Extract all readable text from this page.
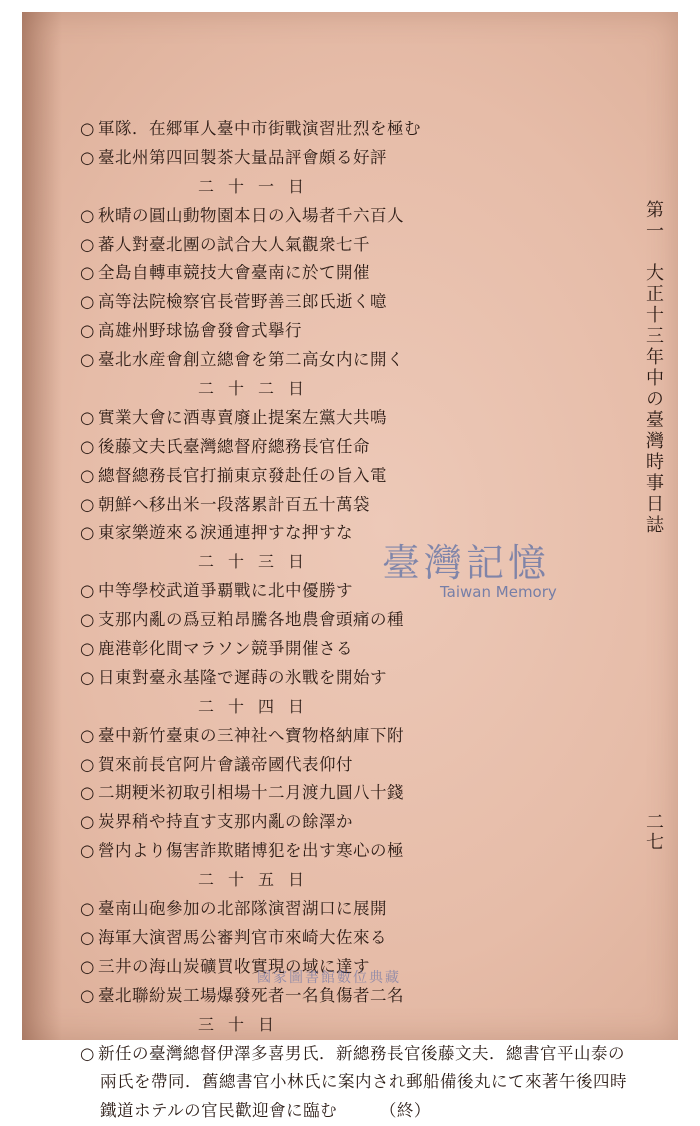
○ 軍隊．在郷軍人臺中市街戰演習壯烈を極む
○ 臺北州第四回製茶大量品評會頗る好評
二十一日
○ 秋晴の圓山動物園本日の入場者千六百人
○ 蕃人對臺北團の試合大人氣觀衆七千
○ 全島自轉車競技大會臺南に於て開催
○ 高等法院檢察官長菅野善三郎氏逝く噫
○ 高雄州野球協會發會式擧行
○ 臺北水産會創立總會を第二高女内に開く
二十二日
○ 實業大會に酒專賣廢止提案左黨大共鳴
○ 後藤文夫氏臺灣總督府總務長官任命
○ 總督總務長官打揃東京發赴任の旨入電
○ 朝鮮へ移出米一段落累計百五十萬袋
○ 東家樂遊來る淚通連押すな押すな
二十三日
○ 中等學校武道爭覇戰に北中優勝す
○ 支那内亂の爲豆粕昂騰各地農會頭痛の種
○ 鹿港彰化間マラソン競爭開催さる
○ 日東對臺永基隆で遲蒔の氷戰を開始す
二十四日
○ 臺中新竹臺東の三神社へ寶物格納庫下附
○ 賀來前長官阿片會議帝國代表仰付
○ 二期粳米初取引相場十二月渡九圓八十錢
○ 炭界稍や持直す支那内亂の餘澤か
○ 營内より傷害詐欺賭博犯を出す寒心の極
二十五日
○ 臺南山砲參加の北部隊演習湖口に展開
○ 海軍大演習馬公審判官市來崎大佐來る
○ 三井の海山炭礦買收實現の域に達す
○ 臺北聯紛炭工場爆發死者一名負傷者二名
三十日
○ 新任の臺灣總督伊澤多喜男氏．新總務長官後藤文夫．總書官平山泰の
兩氏を帶同．舊總書官小林氏に案内され郵船備後丸にて來著午後四時
鐵道ホテルの官民歡迎會に臨む　　　（終）
第一　大正十三年中の臺灣時事日誌
二七
臺灣記憶
Taiwan Memory
國家圖書館數位典藏
